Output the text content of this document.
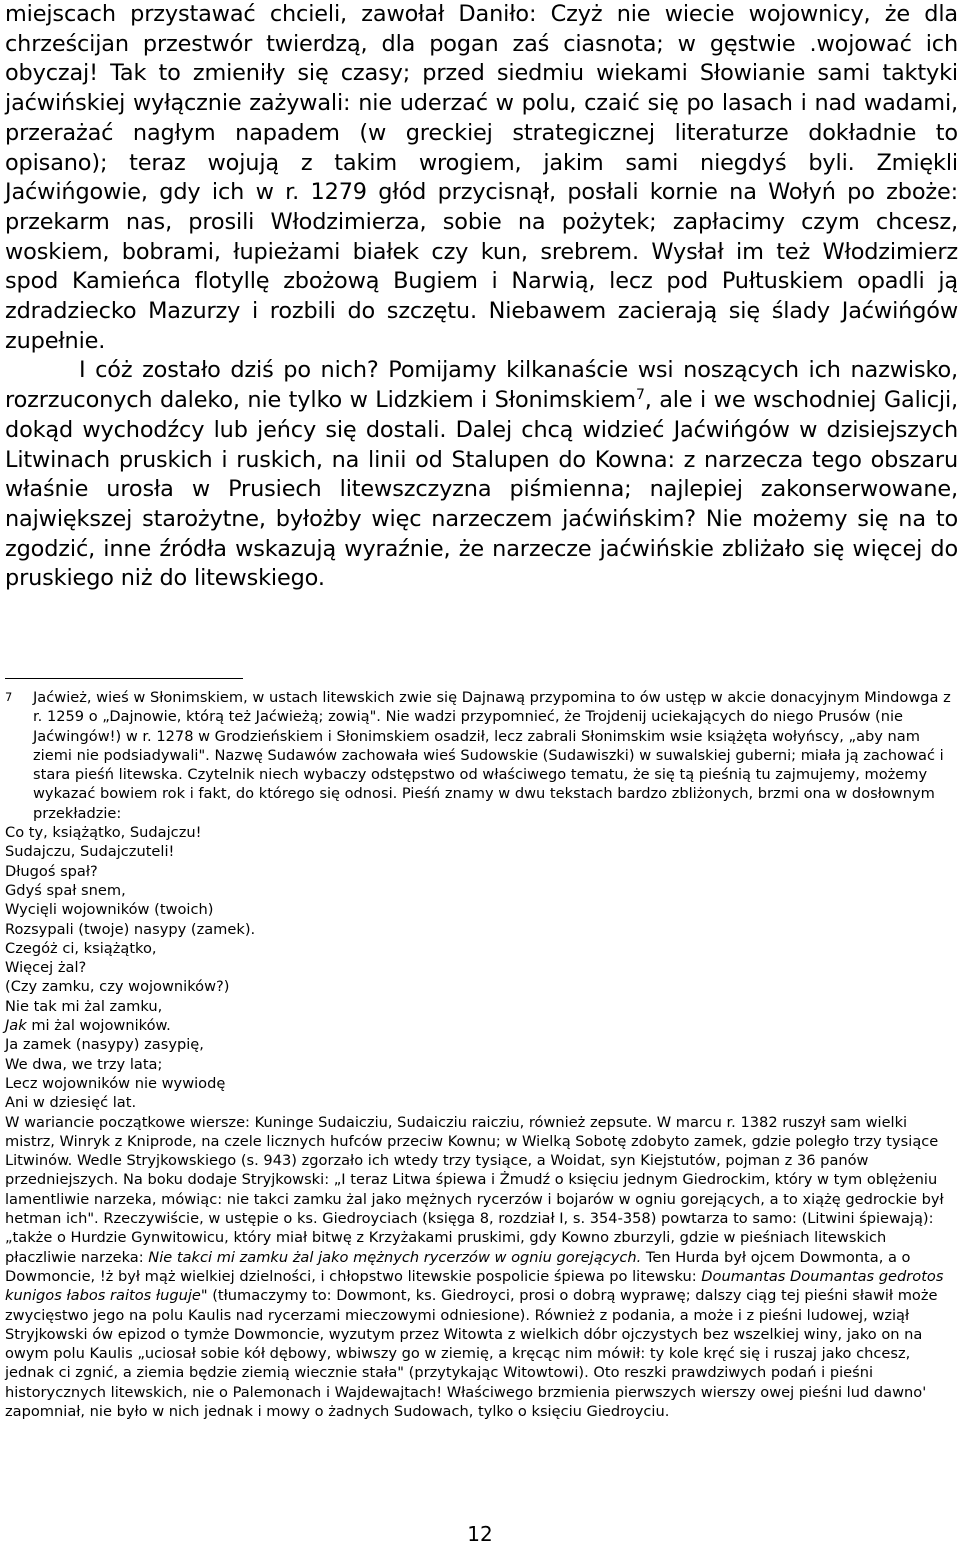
miejscach przystawać chcieli, zawołał Daniło: Czyż nie wiecie wojownicy, że dla chrześcijan przestwór twierdzą, dla pogan zaś ciasnota; w gęstwie .wojować ich obyczaj! Tak to zmieniły się czasy; przed siedmiu wiekami Słowianie sami taktyki jaćwińskiej wyłącznie zażywali: nie uderzać w polu, czaić się po lasach i nad wadami, przerażać nagłym napadem (w greckiej strategicznej literaturze dokładnie to opisano); teraz wojują z takim wrogiem, jakim sami niegdyś byli. Zmiękli Jaćwińgowie, gdy ich w r. 1279 głód przycisnął, posłali kornie na Wołyń po zboże: przekarm nas, prosili Włodzimierza, sobie na pożytek; zapłacimy czym chcesz, woskiem, bobrami, łupieżami białek czy kun, srebrem. Wysłał im też Włodzimierz spod Kamieńca flotyllę zbożową Bugiem i Narwią, lecz pod Pułtuskiem opadli ją zdradziecko Mazurzy i rozbili do szczętu. Niebawem zacierają się ślady Jaćwińgów zupełnie.

I cóż zostało dziś po nich? Pomijamy kilkanaście wsi noszących ich nazwisko, rozrzuconych daleko, nie tylko w Lidzkiem i Słonimskiem$^7$, ale i we wschodniej Galicji, dokąd wychodźcy lub jeńcy się dostali. Dalej chcą widzieć Jaćwińgów w dzisiejszych Litwinach pruskich i ruskich, na linii od Stalupen do Kowna: z narzecza tego obszaru właśnie urosła w Prusiech litewszczyzna piśmienna; najlepiej zakonserwowane, największej starożytne, byłożby więc narzeczem jaćwińskim? Nie możemy się na to zgodzić, inne źródła wskazują wyraźnie, że narzecze jaćwińskie zbliżało się więcej do pruskiego niż do litewskiego.

7	Jaćwież, wieś w Słonimskiem, w ustach litewskich zwie się Dajnawą przypomina to ów ustęp w akcie donacyjnym Mindowga z r. 1259 o „Dajnowie, którą też Jaćwieżą; zowią". Nie wadzi przypomnieć, że Trojdenij uciekających do niego Prusów (nie Jaćwingów!) w r. 1278 w Grodzieńskiem i Słonimskiem osadził, lecz zabrali Słonimskim wsie książęta wołyńscy, „aby nam ziemi nie podsiadywali". Nazwę Sudawów zachowała wieś Sudowskie (Sudawiszki) w suwalskiej guberni; miała ją zachować i stara pieśń litewska. Czytelnik niech wybaczy odstępstwo od właściwego tematu, że się tą pieśnią tu zajmujemy, możemy wykazać bowiem rok i fakt, do którego się odnosi. Pieśń znamy w dwu tekstach bardzo zbliżonych, brzmi ona w dosłownym przekładzie:

Co ty, książątko, Sudajczu!
Sudajczu, Sudajczuteli!
Długoś spał?
Gdyś spał snem,
Wycięli wojowników (twoich)
Rozsypali (twoje) nasypy (zamek).
Czegóż ci, książątko,
Więcej żal?
(Czy zamku, czy wojowników?)
Nie tak mi żal zamku,
Jak mi żal wojowników.
Ja zamek (nasypy) zasypię,
We dwa, we trzy lata;
Lecz wojowników nie wywiodę
Ani w dziesięć lat.

W wariancie początkowe wiersze: Kuninge Sudaicziu, Sudaicziu raicziu, również zepsute. W marcu r. 1382 ruszył sam wielki mistrz, Winryk z Kniprode, na czele licznych hufców przeciw Kownu; w Wielką Sobotę zdobyto zamek, gdzie poległo trzy tysiące Litwinów. Wedle Stryjkowskiego (s. 943) zgorzało ich wtedy trzy tysiące, a Woidat, syn Kiejstutów, pojman z 36 panów przedniejszych. Na boku dodaje Stryjkowski: „I teraz Litwa śpiewa i Żmudź o księciu jednym Giedrockim, który w tym oblężeniu lamentliwie narzeka, mówiąc: nie takci zamku żal jako mężnych rycerzów i bojarów w ogniu gorejących, a to xiążę gedrockie był hetman ich". Rzeczywiście, w ustępie o ks. Giedroyciach (księga 8, rozdział I, s. 354-358) powtarza to samo: (Litwini śpiewają): „także o Hurdzie Gynwitowicu, który miał bitwę z Krzyżakami pruskimi, gdy Kowno zburzyli, gdzie w pieśniach litewskich płaczliwie narzeka: Nie takci mi zamku żal jako mężnych rycerzów w ogniu gorejących. Ten Hurda był ojcem Dowmonta, a o Dowmoncie, !ż był mąż wielkiej dzielności, i chłopstwo litewskie pospolicie śpiewa po litewsku: Doumantas Doumantas gedrotos kunigos łabos raitos ługuje" (tłumaczymy to: Dowmont, ks. Giedroyci, prosi o dobrą wyprawę; dalszy ciąg tej pieśni sławił może zwycięstwo jego na polu Kaulis nad rycerzami mieczowymi odniesione). Również z podania, a może i z pieśni ludowej, wziął Stryjkowski ów epizod o tymże Dowmoncie, wyzutym przez Witowta z wielkich dóbr ojczystych bez wszelkiej winy, jako on na owym polu Kaulis „uciosał sobie kół dębowy, wbiwszy go w ziemię, a kręcąc nim mówił: ty kole kręć się i ruszaj jako chcesz, jednak ci zgnić, a ziemia będzie ziemią wiecznie stała" (przytykając Witowtowi). Oto reszki prawdziwych podań i pieśni historycznych litewskich, nie o Palemonach i Wajdewajtach! Właściwego brzmienia pierwszych wierszy owej pieśni lud dawno' zapomniał, nie było w nich jednak i mowy o żadnych Sudowach, tylko o księciu Giedroyciu.

12
